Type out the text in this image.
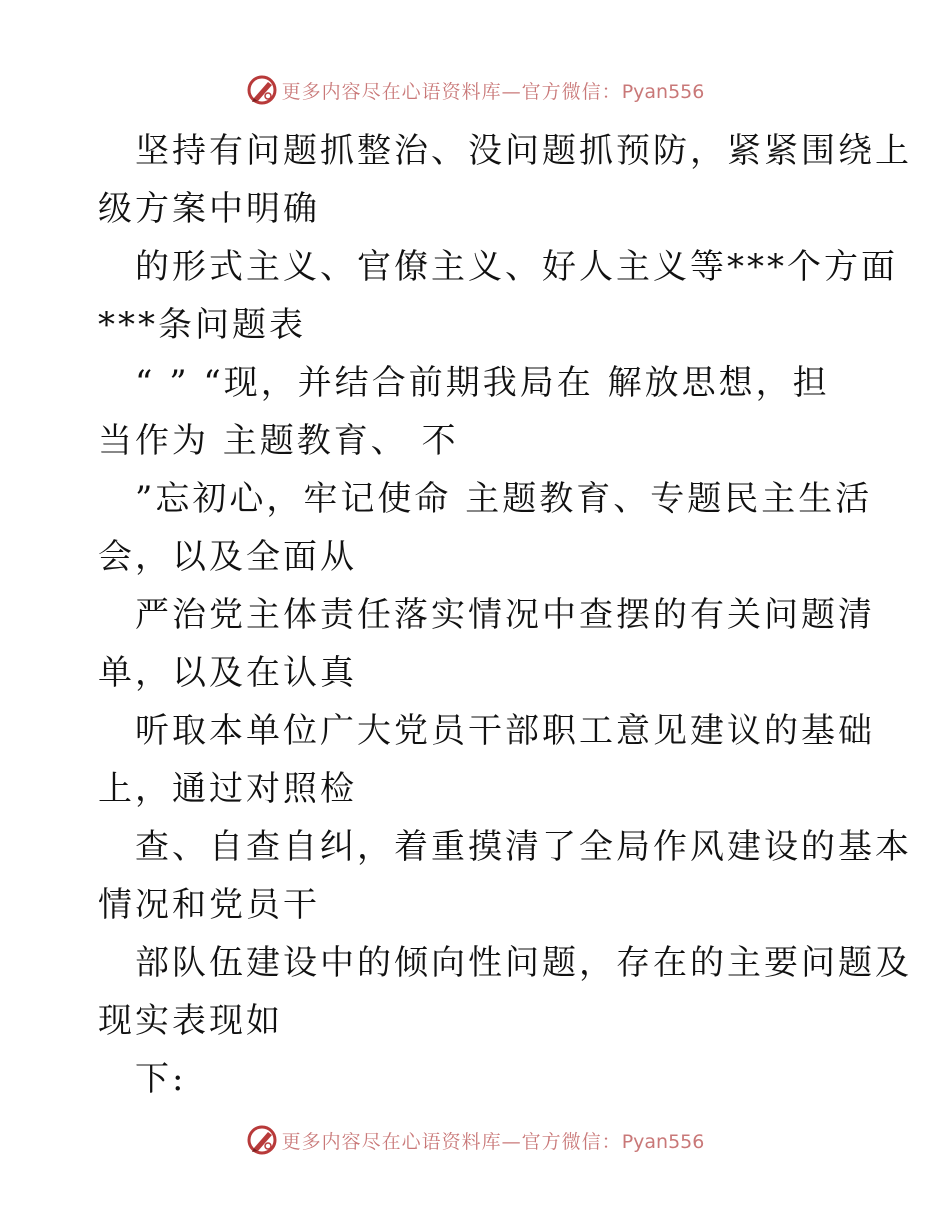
更多内容尽在心语资料库—官方微信：Pyan556

坚持有问题抓整治、没问题抓预防，紧紧围绕上
级方案中明确

的形式主义、官僚主义、好人主义等***个方面
***条问题表

“ ” “现，并结合前期我局在 解放思想，担
当作为 主题教育、 不

”忘初心，牢记使命 主题教育、专题民主生活
会，以及全面从

严治党主体责任落实情况中查摆的有关问题清
单，以及在认真

听取本单位广大党员干部职工意见建议的基础
上，通过对照检

查、自查自纠，着重摸清了全局作风建设的基本
情况和党员干

部队伍建设中的倾向性问题，存在的主要问题及
现实表现如

下:

更多内容尽在心语资料库—官方微信：Pyan556
